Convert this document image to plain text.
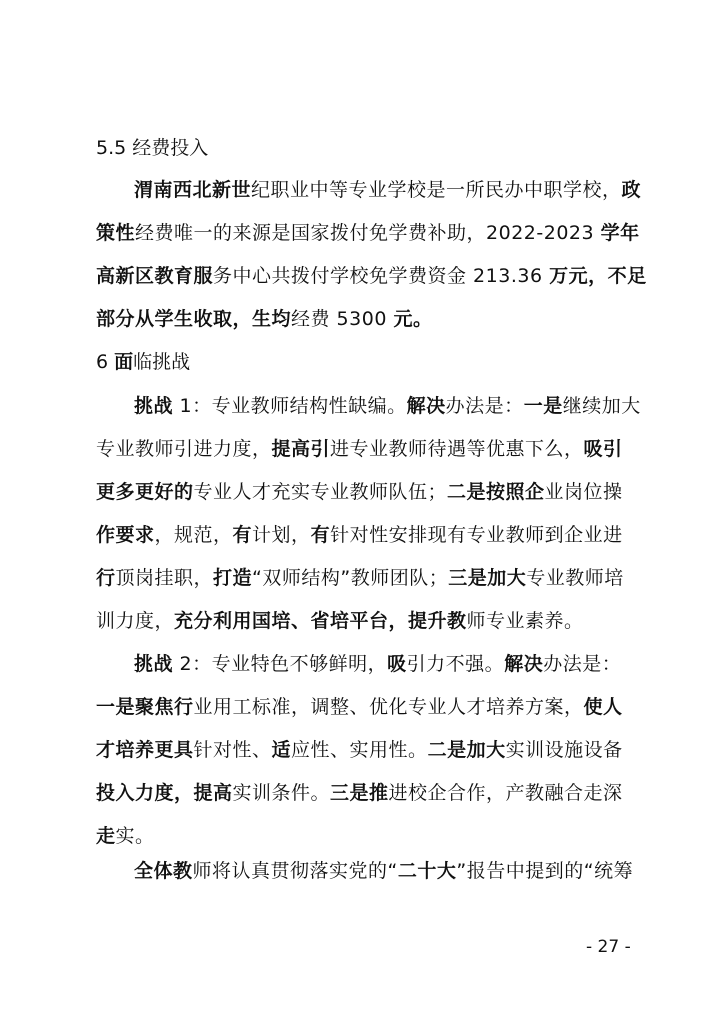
5.5 经费投入
6 面临挑战
渭南西北新世纪职业中等专业学校是一所民办中职学校，政
策性经费唯一的来源是国家拨付免学费补助，2022-2023 学年
高新区教育服务中心共拨付学校免学费资金 213.36 万元，不足
部分从学生收取，生均经费 5300 元。
挑战 1：专业教师结构性缺编。解决办法是：一是继续加大
专业教师引进力度，提高引进专业教师待遇等优惠下么，吸引
更多更好的专业人才充实专业教师队伍；二是按照企业岗位操
作要求，规范，有计划，有针对性安排现有专业教师到企业进
行顶岗挂职，打造“双师结构”教师团队；三是加大专业教师培
训力度，充分利用国培、省培平台，提升教师专业素养。
挑战 2：专业特色不够鲜明，吸引力不强。解决办法是：
一是聚焦行业用工标准，调整、优化专业人才培养方案，使人
才培养更具针对性、适应性、实用性。二是加大实训设施设备
投入力度，提高实训条件。三是推进校企合作，产教融合走深
走实。
全体教师将认真贯彻落实党的“二十大”报告中提到的“统筹
- 27 -
